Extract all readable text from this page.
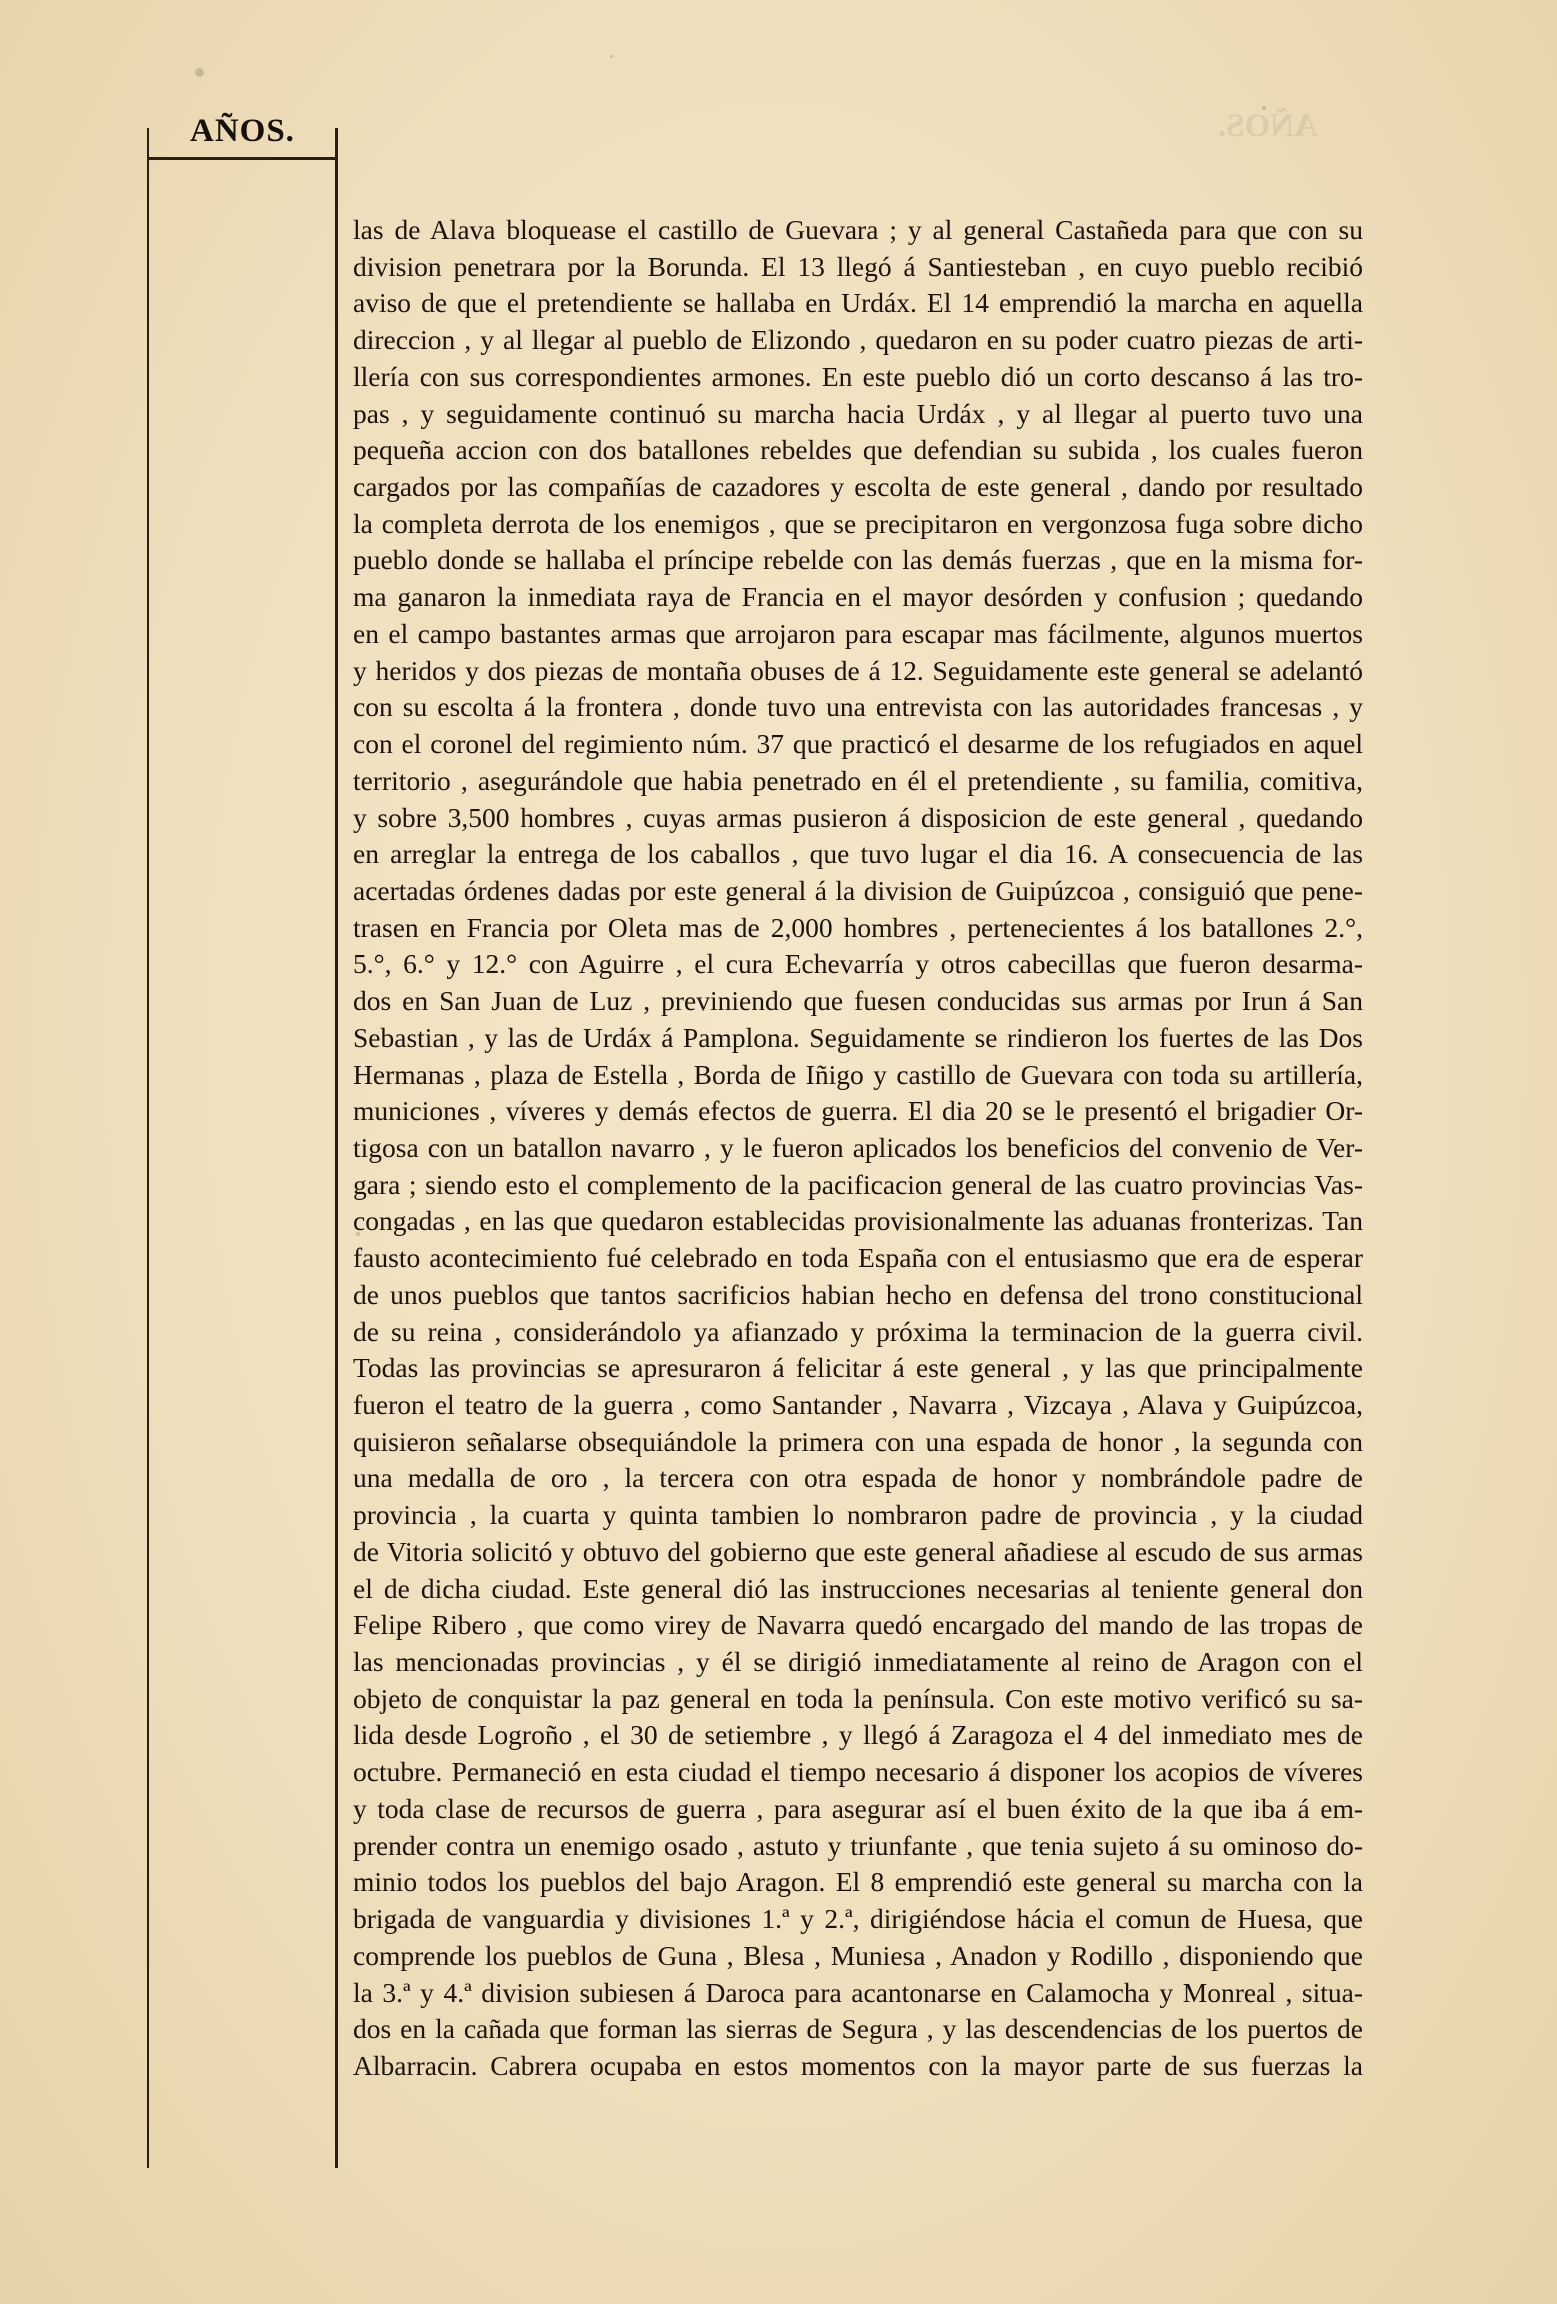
AÑOS.	AÑOS.
las de Alava bloquease el castillo de Guevara ; y al general Castañeda para que con su
division penetrara por la Borunda. El 13 llegó á Santiesteban , en cuyo pueblo recibió
aviso de que el pretendiente se hallaba en Urdáx. El 14 emprendió la marcha en aquella
direccion , y al llegar al pueblo de Elizondo , quedaron en su poder cuatro piezas de arti-
llería con sus correspondientes armones. En este pueblo dió un corto descanso á las tro-
pas , y seguidamente continuó su marcha hacia Urdáx , y al llegar al puerto tuvo una
pequeña accion con dos batallones rebeldes que defendian su subida , los cuales fueron
cargados por las compañías de cazadores y escolta de este general , dando por resultado
la completa derrota de los enemigos , que se precipitaron en vergonzosa fuga sobre dicho
pueblo donde se hallaba el príncipe rebelde con las demás fuerzas , que en la misma for-
ma ganaron la inmediata raya de Francia en el mayor desórden y confusion ; quedando
en el campo bastantes armas que arrojaron para escapar mas fácilmente, algunos muertos
y heridos y dos piezas de montaña obuses de á 12. Seguidamente este general se adelantó
con su escolta á la frontera , donde tuvo una entrevista con las autoridades francesas , y
con el coronel del regimiento núm. 37 que practicó el desarme de los refugiados en aquel
territorio , asegurándole que habia penetrado en él el pretendiente , su familia, comitiva,
y sobre 3,500 hombres , cuyas armas pusieron á disposicion de este general , quedando
en arreglar la entrega de los caballos , que tuvo lugar el dia 16. A consecuencia de las
acertadas órdenes dadas por este general á la division de Guipúzcoa , consiguió que pene-
trasen en Francia por Oleta mas de 2,000 hombres , pertenecientes á los batallones 2.°,
5.°, 6.° y 12.° con Aguirre , el cura Echevarría y otros cabecillas que fueron desarma-
dos en San Juan de Luz , previniendo que fuesen conducidas sus armas por Irun á San
Sebastian , y las de Urdáx á Pamplona. Seguidamente se rindieron los fuertes de las Dos
Hermanas , plaza de Estella , Borda de Iñigo y castillo de Guevara con toda su artillería,
municiones , víveres y demás efectos de guerra. El dia 20 se le presentó el brigadier Or-
tigosa con un batallon navarro , y le fueron aplicados los beneficios del convenio de Ver-
gara ; siendo esto el complemento de la pacificacion general de las cuatro provincias Vas-
congadas , en las que quedaron establecidas provisionalmente las aduanas fronterizas. Tan
fausto acontecimiento fué celebrado en toda España con el entusiasmo que era de esperar
de unos pueblos que tantos sacrificios habian hecho en defensa del trono constitucional
de su reina , considerándolo ya afianzado y próxima la terminacion de la guerra civil.
Todas las provincias se apresuraron á felicitar á este general , y las que principalmente
fueron el teatro de la guerra , como Santander , Navarra , Vizcaya , Alava y Guipúzcoa,
quisieron señalarse obsequiándole la primera con una espada de honor , la segunda con
una medalla de oro , la tercera con otra espada de honor y nombrándole padre de
provincia , la cuarta y quinta tambien lo nombraron padre de provincia , y la ciudad
de Vitoria solicitó y obtuvo del gobierno que este general añadiese al escudo de sus armas
el de dicha ciudad. Este general dió las instrucciones necesarias al teniente general don
Felipe Ribero , que como virey de Navarra quedó encargado del mando de las tropas de
las mencionadas provincias , y él se dirigió inmediatamente al reino de Aragon con el
objeto de conquistar la paz general en toda la península. Con este motivo verificó su sa-
lida desde Logroño , el 30 de setiembre , y llegó á Zaragoza el 4 del inmediato mes de
octubre. Permaneció en esta ciudad el tiempo necesario á disponer los acopios de víveres
y toda clase de recursos de guerra , para asegurar así el buen éxito de la que iba á em-
prender contra un enemigo osado , astuto y triunfante , que tenia sujeto á su ominoso do-
minio todos los pueblos del bajo Aragon. El 8 emprendió este general su marcha con la
brigada de vanguardia y divisiones 1.ª y 2.ª, dirigiéndose hácia el comun de Huesa, que
comprende los pueblos de Guna , Blesa , Muniesa , Anadon y Rodillo , disponiendo que
la 3.ª y 4.ª division subiesen á Daroca para acantonarse en Calamocha y Monreal , situa-
dos en la cañada que forman las sierras de Segura , y las descendencias de los puertos de
Albarracin. Cabrera ocupaba en estos momentos con la mayor parte de sus fuerzas la
